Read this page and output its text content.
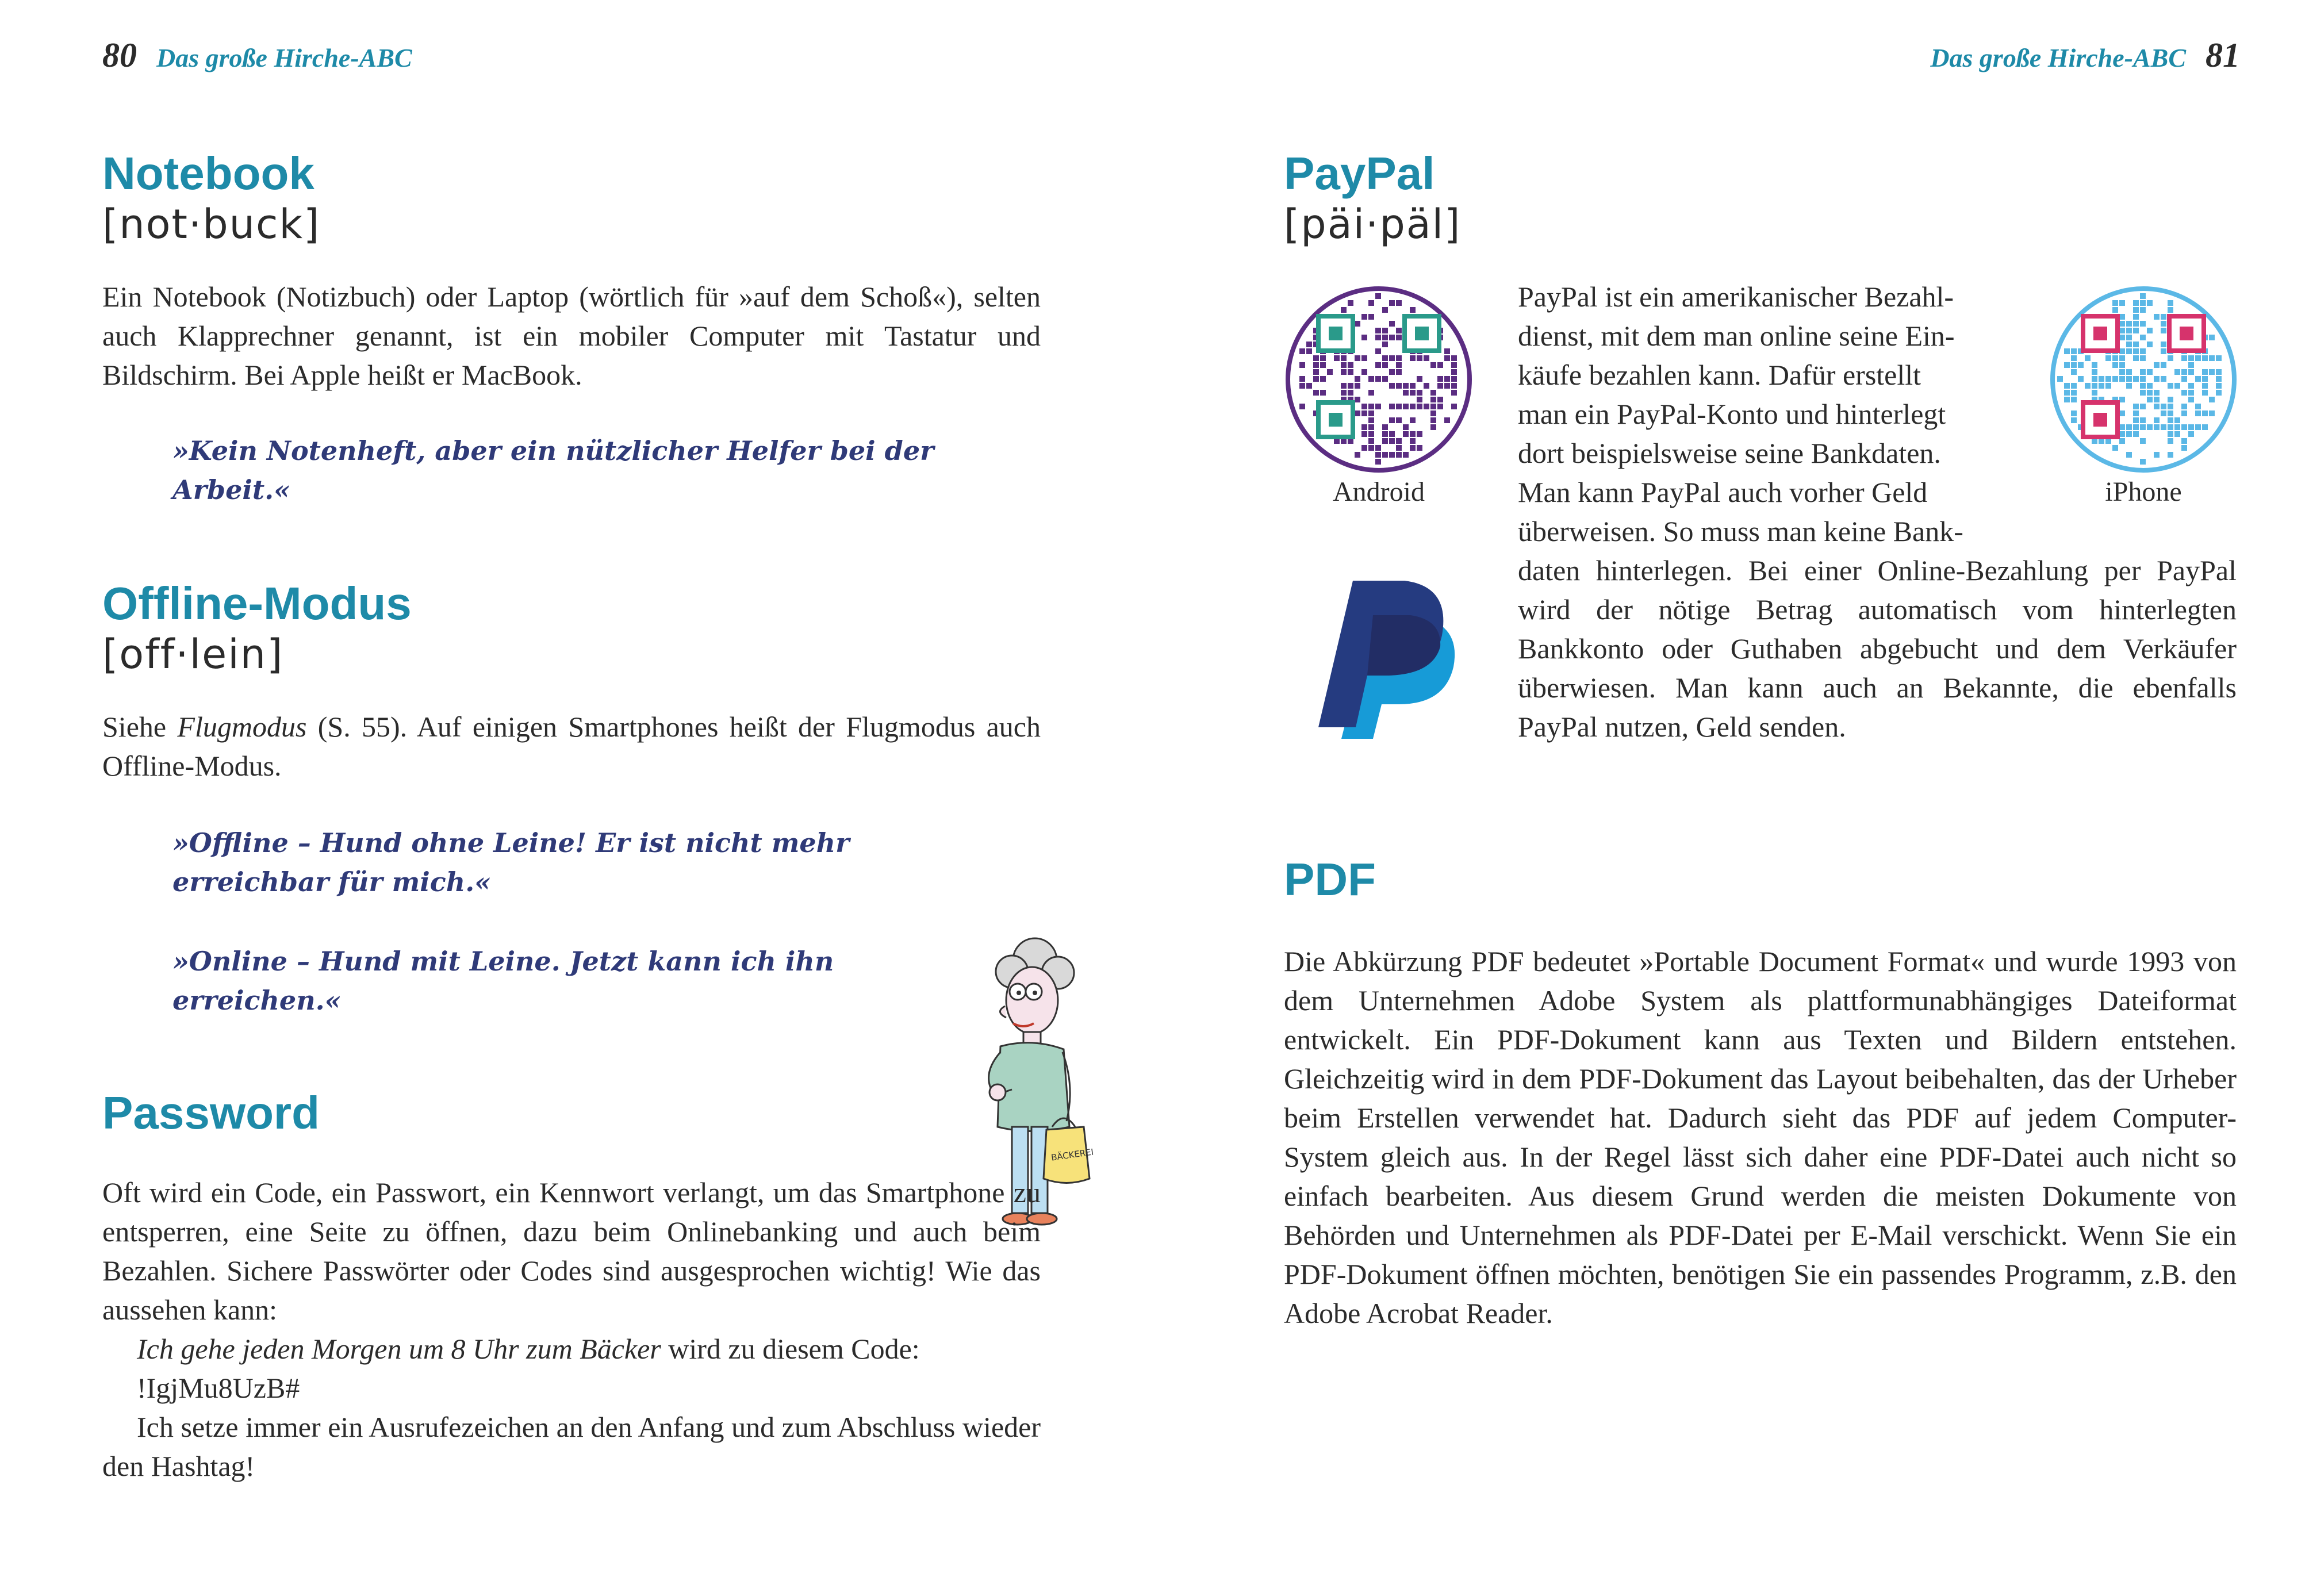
80 Das große Hirche-ABC
Notebook
[not·buck]
Ein Notebook (Notizbuch) oder Laptop (wörtlich für »auf dem Schoß«), selten auch Klapprechner genannt, ist ein mobiler Computer mit Tastatur und Bildschirm. Bei Apple heißt er MacBook.
»Kein Notenheft, aber ein nützlicher Helfer bei der Arbeit.«
Offline-Modus
[off·lein]
Siehe Flugmodus (S. 55). Auf einigen Smartphones heißt der Flugmodus auch Offline-Modus.
»Offline – Hund ohne Leine! Er ist nicht mehr
erreichbar für mich.«
»Online – Hund mit Leine. Jetzt kann ich ihn erreichen.«
BÄCKEREI
Password
Oft wird ein Code, ein Passwort, ein Kennwort verlangt, um das Smartphone zu entsperren, eine Seite zu öffnen, dazu beim Onlinebanking und auch beim Bezahlen. Sichere Passwörter oder Codes sind ausgesprochen wichtig! Wie das aussehen kann:
Ich gehe jeden Morgen um 8 Uhr zum Bäcker wird zu diesem Code:
!IgjMu8UzB#
Ich setze immer ein Ausrufezeichen an den Anfang und zum Abschluss wieder den Hashtag!
Das große Hirche-ABC 81
PayPal
[päi·päl]
Android	iPhone
PayPal ist ein amerikanischer Bezahl-
dienst, mit dem man online seine Ein-
käufe bezahlen kann. Dafür erstellt
man ein PayPal-Konto und hinterlegt
dort beispielsweise seine Bankdaten.
Man kann PayPal auch vorher Geld
überweisen. So muss man keine Bank-
daten hinterlegen. Bei einer Online-Bezahlung per PayPal wird der nötige Betrag automatisch vom hinterlegten Bankkonto oder Guthaben abgebucht und dem Verkäufer überwiesen. Man kann auch an Bekannte, die ebenfalls PayPal nutzen, Geld senden.
PDF
Die Abkürzung PDF bedeutet »Portable Document Format« und wurde 1993 von dem Unternehmen Adobe System als plattformunabhängiges Dateiformat entwickelt. Ein PDF-Dokument kann aus Texten und Bildern entstehen. Gleichzeitig wird in dem PDF-Dokument das Layout beibehalten, das der Urheber beim Erstellen verwendet hat. Dadurch sieht das PDF auf jedem Computer-System gleich aus. In der Regel lässt sich daher eine PDF-Datei auch nicht so einfach bearbeiten. Aus diesem Grund werden die meisten Dokumente von Behörden und Unternehmen als PDF-Datei per E-Mail verschickt. Wenn Sie ein PDF-Dokument öffnen möchten, benötigen Sie ein passendes Programm, z.B. den Adobe Acrobat Reader.
